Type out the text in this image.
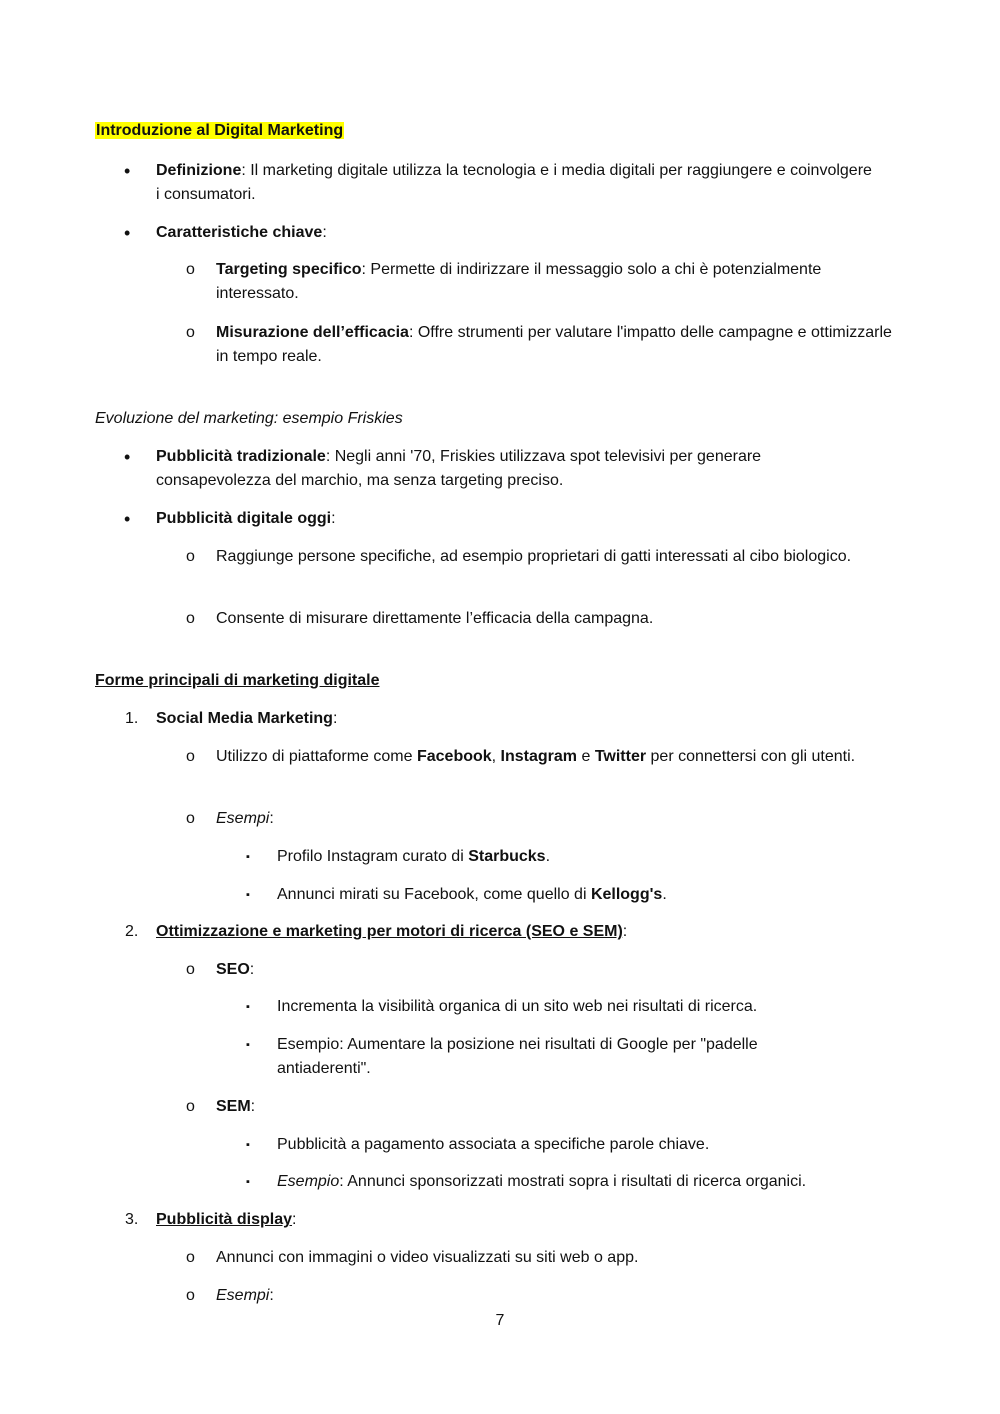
Introduzione al Digital Marketing
• Definizione: Il marketing digitale utilizza la tecnologia e i media digitali per raggiungere e coinvolgere i consumatori.
• Caratteristiche chiave:
o Targeting specifico: Permette di indirizzare il messaggio solo a chi è potenzialmente interessato.
o Misurazione dell’efficacia: Offre strumenti per valutare l'impatto delle campagne e ottimizzarle in tempo reale.
Evoluzione del marketing: esempio Friskies
• Pubblicità tradizionale: Negli anni '70, Friskies utilizzava spot televisivi per generare consapevolezza del marchio, ma senza targeting preciso.
• Pubblicità digitale oggi:
o Raggiunge persone specifiche, ad esempio proprietari di gatti interessati al cibo biologico.
o Consente di misurare direttamente l’efficacia della campagna.
Forme principali di marketing digitale
1. Social Media Marketing:
o Utilizzo di piattaforme come Facebook, Instagram e Twitter per connettersi con gli utenti.
o Esempi:
▪ Profilo Instagram curato di Starbucks.
▪ Annunci mirati su Facebook, come quello di Kellogg's.
2. Ottimizzazione e marketing per motori di ricerca (SEO e SEM):
o SEO:
▪ Incrementa la visibilità organica di un sito web nei risultati di ricerca.
▪ Esempio: Aumentare la posizione nei risultati di Google per "padelle antiaderenti".
o SEM:
▪ Pubblicità a pagamento associata a specifiche parole chiave.
▪ Esempio: Annunci sponsorizzati mostrati sopra i risultati di ricerca organici.
3. Pubblicità display:
o Annunci con immagini o video visualizzati su siti web o app.
o Esempi:
7
